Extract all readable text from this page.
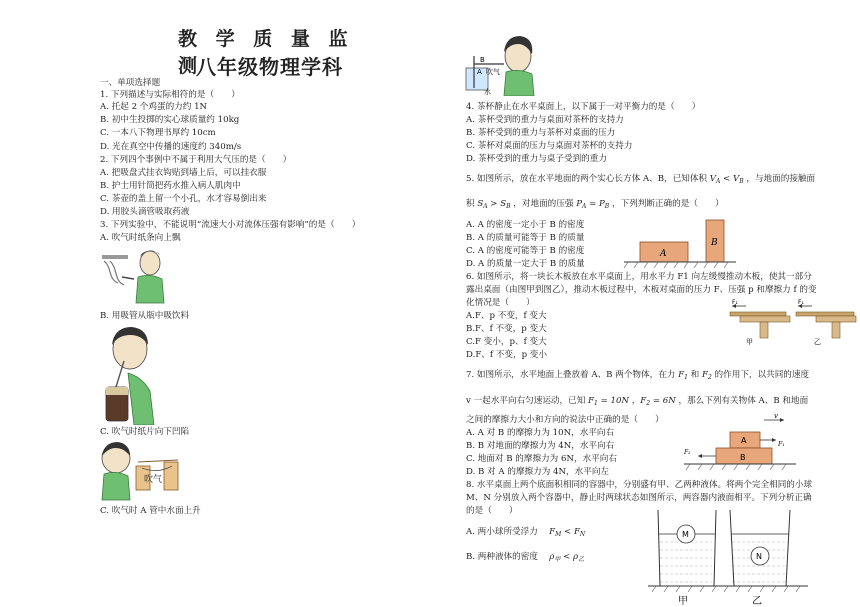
教 学 质 量 监 测
八年级物理学科
一、单项选择题
1. 下列描述与实际相符的是（　　）
A. 托起 2 个鸡蛋的力约 1N
B. 初中生投掷的实心球质量约 10kg
C. 一本八下物理书厚约 10cm
D. 光在真空中传播的速度约 340m/s
2. 下列四个事例中不属于利用大气压的是（　　）
A. 把吸盘式挂衣钩贴到墙上后，可以挂衣服
B. 护士用针筒把药水推入病人肌肉中
C. 茶壶的盖上留一个小孔，水才容易倒出来
D. 用胶头滴管吸取药液
3. 下列实验中，不能说明“流速大小对流体压强有影响”的是（　　）
A. 吹气时纸条向上飘
B. 用吸管从瓶中吸饮料
C. 吹气时纸片向下凹陷
C. 吹气时 A 管中水面上升
吹气
4. 茶杯静止在水平桌面上，以下属于一对平衡力的是（　　）
A. 茶杯受到的重力与桌面对茶杯的支持力
B. 茶杯受到的重力与茶杯对桌面的压力
C. 茶杯对桌面的压力与桌面对茶杯的支持力
D. 茶杯受到的重力与桌子受到的重力
5. 如图所示，放在水平地面的两个实心长方体 A、B，已知体积 $V_A < V_B$ ，与地面的接触面
积 $S_A > S_B$ ，对地面的压强 $P_A = P_B$ ，下列判断正确的是（　　）
A. A 的密度一定小于 B 的密度
B. A 的质量可能等于 B 的质量
C. A 的密度可能等于 B 的密度
D. A 的质量一定大于 B 的质量
6. 如图所示，将一块长木板放在水平桌面上，用水平力 F1 向左缓慢推动木板，使其一部分
露出桌面（由图甲到图乙），推动木板过程中，木板对桌面的压力 F、压强 p 和摩擦力 f 的变
化情况是（　　）
A.F、p 不变，f 变大
B.F、f 不变，p 变大
C.F 变小，p、f 变大
D.F、f 不变，p 变小
7. 如图所示，水平地面上叠放着 A、B 两个物体，在力 $F_1$ 和 $F_2$ 的作用下，以共同的速度
v 一起水平向右匀速运动，已知 $F_1 = 10N$ ，$F_2 = 6N$ ，那么下列有关物体 A、B 和地面
之间的摩擦力大小和方向的说法中正确的是（　　）
A. A 对 B 的摩擦力为 10N，水平向右
B. B 对地面的摩擦力为 4N，水平向右
C. 地面对 B 的摩擦力为 6N，水平向右
D. B 对 A 的摩擦力为 4N，水平向左
8. 水平桌面上两个底面积相同的容器中，分别盛有甲、乙两种液体。将两个完全相同的小球
M、N 分别放入两个容器中，静止时两球状态如图所示，两容器内液面相平。下列分析正确
的是（　　）
A. 两小球所受浮力 　$F_M < F_N$
B. 两种液体的密度 　$\rho_甲 < \rho_乙$
B
A 吹气
水
A
B
F₁
甲
F₁
乙
v
F₁
F₂
A
B
M
N
甲	乙
